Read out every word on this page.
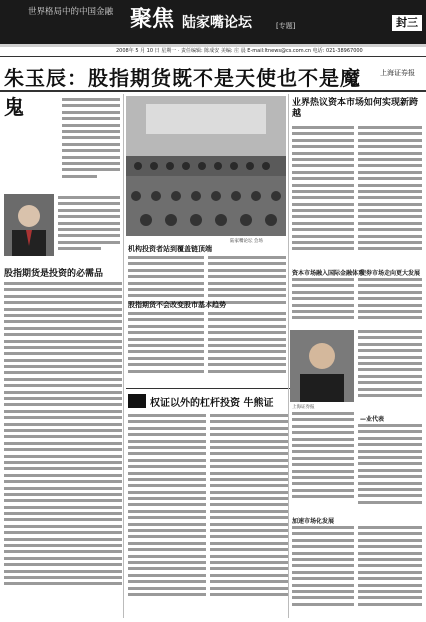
世界格局中的中国金融 聚焦 陆家嘴论坛	[专题]	封三
2008年 5 月 10 日 星期一 · 责任编辑: 陈成安 美编: 庄 晨 E-mail:ltnews@cs.com.cn 电话: 021-38967000
朱玉辰：股指期货既不是天使也不是魔鬼
上海证券报
股指期货是投资的必需品
陆家嘴论坛 会场
机构投资者站到覆盖链顶端
股指期货不会改变股市基本趋势
业界热议资本市场如何实现新跨越
资本市场融入国际金融体系
使券市场走向更大发展
上海证券报
—业代表
权证以外的杠杆投资 牛熊证
加速市场化发展
